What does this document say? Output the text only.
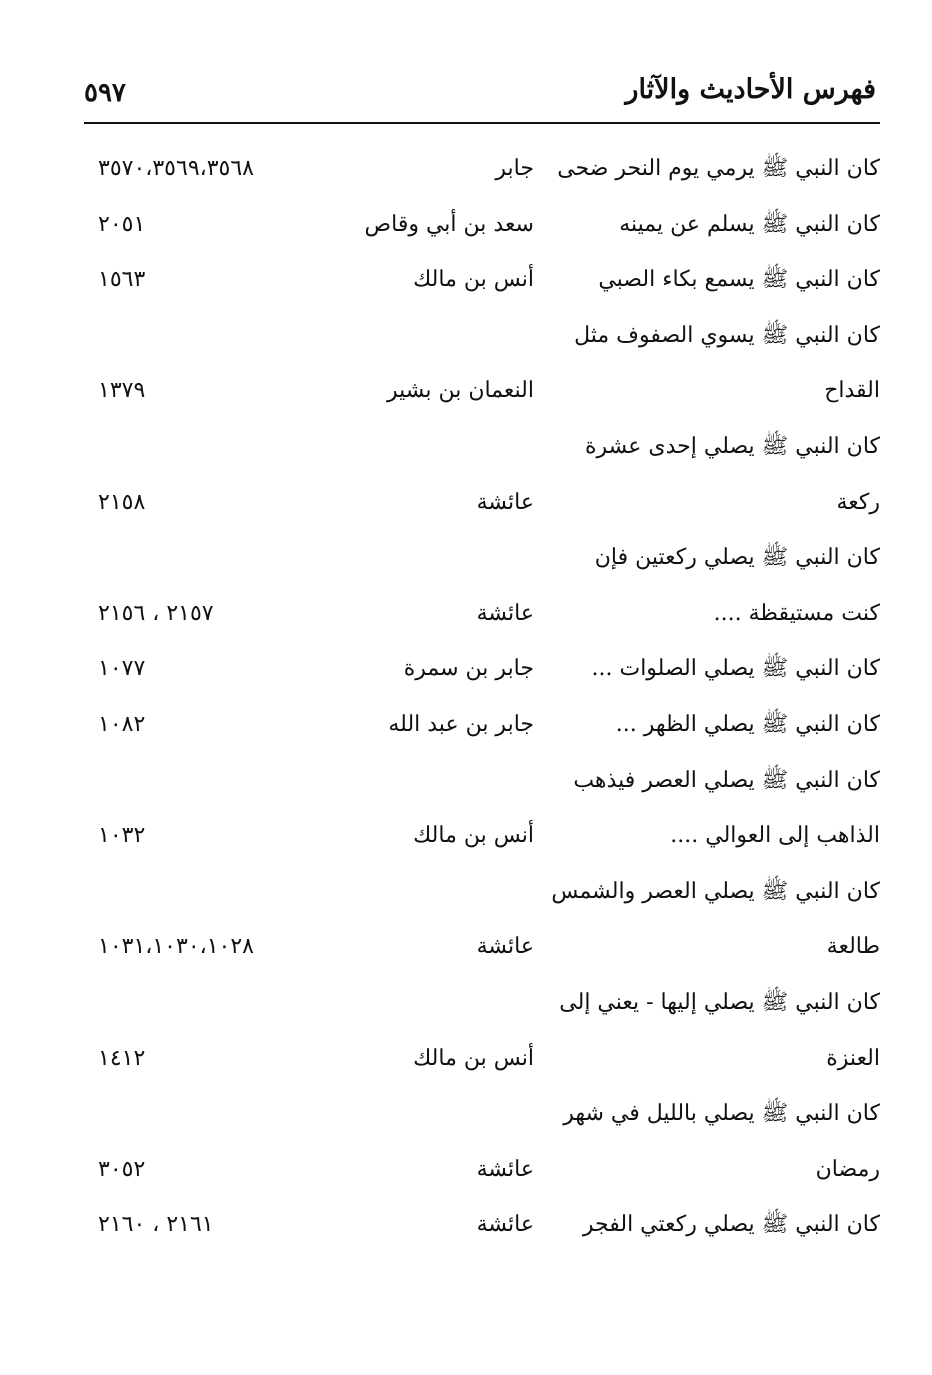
فهرس الأحاديث والآثار
٥٩٧
كان النبي ﷺ يرمي يوم النحر ضحى
جابر
٣٥٧٠،٣٥٦٩،٣٥٦٨
كان النبي ﷺ يسلم عن يمينه
سعد بن أبي وقاص
٢٠٥١
كان النبي ﷺ يسمع بكاء الصبي
أنس بن مالك
١٥٦٣
كان النبي ﷺ يسوي الصفوف مثل
القداح
النعمان بن بشير
١٣٧٩
كان النبي ﷺ يصلي إحدى عشرة
ركعة
عائشة
٢١٥٨
كان النبي ﷺ يصلي ركعتين فإن
كنت مستيقظة ....
عائشة
٢١٥٧ ، ٢١٥٦
كان النبي ﷺ يصلي الصلوات ...
جابر بن سمرة
١٠٧٧
كان النبي ﷺ يصلي الظهر ...
جابر بن عبد الله
١٠٨٢
كان النبي ﷺ يصلي العصر فيذهب
الذاهب إلى العوالي ....
أنس بن مالك
١٠٣٢
كان النبي ﷺ يصلي العصر والشمس
طالعة
عائشة
١٠٣١،١٠٣٠،١٠٢٨
كان النبي ﷺ يصلي إليها - يعني إلى
العنزة
أنس بن مالك
١٤١٢
كان النبي ﷺ يصلي بالليل في شهر
رمضان
عائشة
٣٠٥٢
كان النبي ﷺ يصلي ركعتي الفجر
عائشة
٢١٦١ ، ٢١٦٠
